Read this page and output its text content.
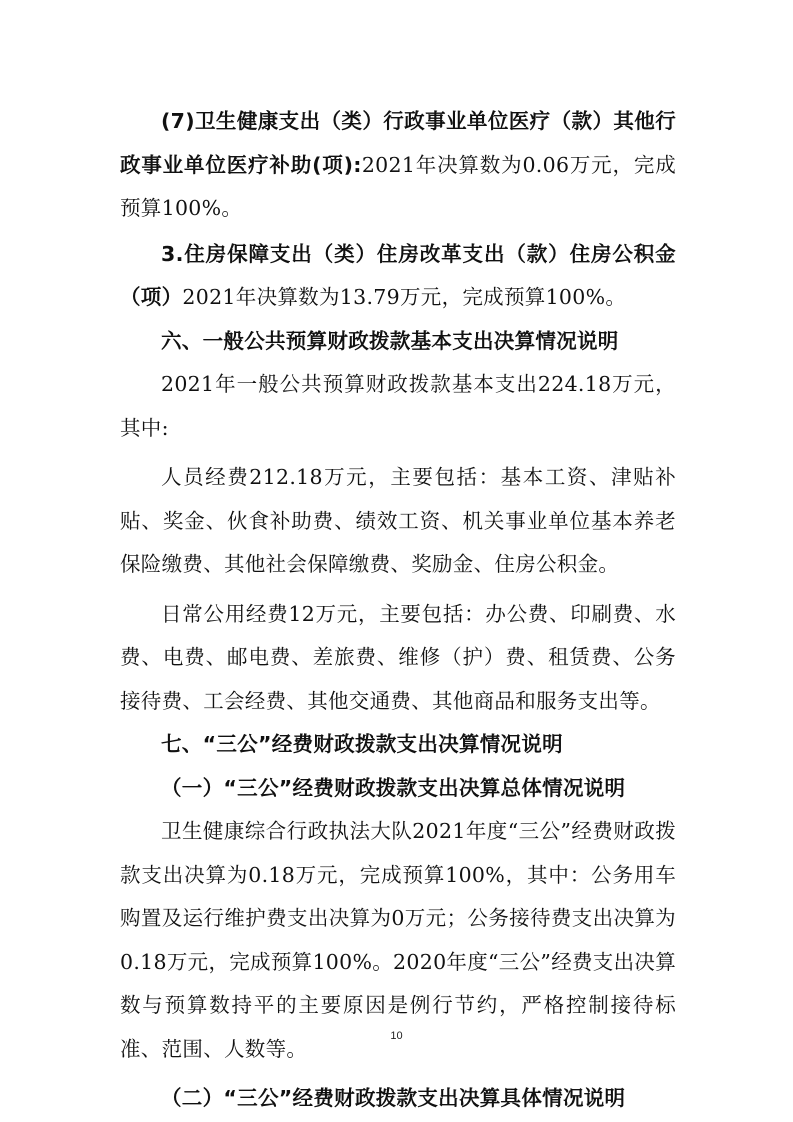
(7)卫生健康支出（类）行政事业单位医疗（款）其他行政事业单位医疗补助(项):2021年决算数为0.06万元，完成预算100%。

3.住房保障支出（类）住房改革支出（款）住房公积金（项）2021年决算数为13.79万元，完成预算100%。

六、一般公共预算财政拨款基本支出决算情况说明

2021年一般公共预算财政拨款基本支出224.18万元，其中:

人员经费212.18万元，主要包括：基本工资、津贴补贴、奖金、伙食补助费、绩效工资、机关事业单位基本养老保险缴费、其他社会保障缴费、奖励金、住房公积金。

日常公用经费12万元，主要包括：办公费、印刷费、水费、电费、邮电费、差旅费、维修（护）费、租赁费、公务接待费、工会经费、其他交通费、其他商品和服务支出等。

七、“三公”经费财政拨款支出决算情况说明

（一）“三公”经费财政拨款支出决算总体情况说明

卫生健康综合行政执法大队2021年度“三公”经费财政拨款支出决算为0.18万元，完成预算100%，其中：公务用车购置及运行维护费支出决算为0万元；公务接待费支出决算为0.18万元，完成预算100%。2020年度“三公”经费支出决算数与预算数持平的主要原因是例行节约，严格控制接待标准、范围、人数等。

（二）“三公”经费财政拨款支出决算具体情况说明

10
